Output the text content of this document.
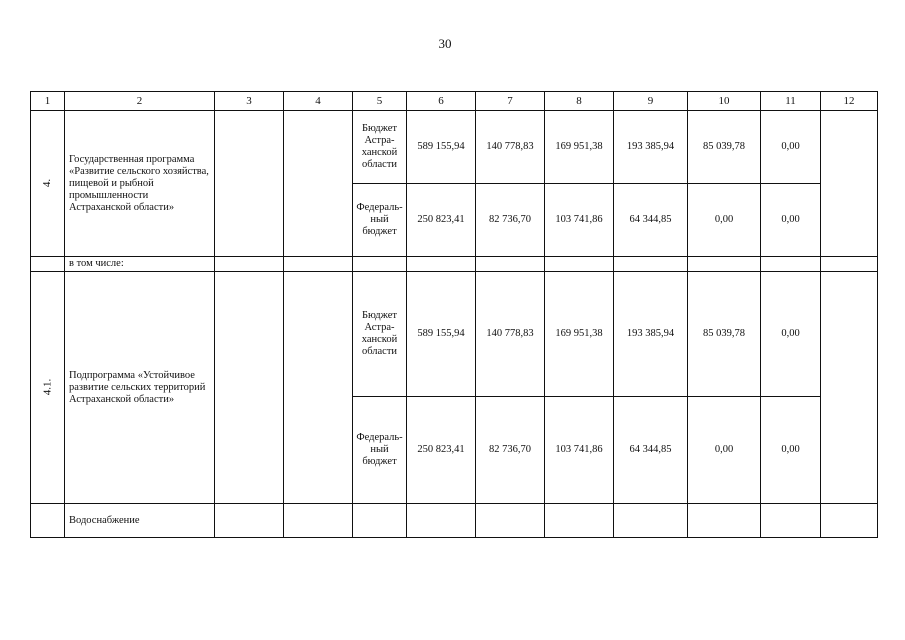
30
1	2	3	4	5	6	7	8	9	10	11	12
4.	Государственная программа «Развитие сельского хозяйства, пищевой и рыбной промышленности Астраханской области»			Бюджет Астраханской области	589 155,94	140 778,83	169 951,38	193 385,94	85 039,78	0,00	
				Федеральный бюджет	250 823,41	82 736,70	103 741,86	64 344,85	0,00	0,00	
	в том числе:										
4.1.	Подпрограмма «Устойчивое развитие сельских территорий Астраханской области»			Бюджет Астраханской области	589 155,94	140 778,83	169 951,38	193 385,94	85 039,78	0,00	
				Федеральный бюджет	250 823,41	82 736,70	103 741,86	64 344,85	0,00	0,00	
	Водоснабжение										
